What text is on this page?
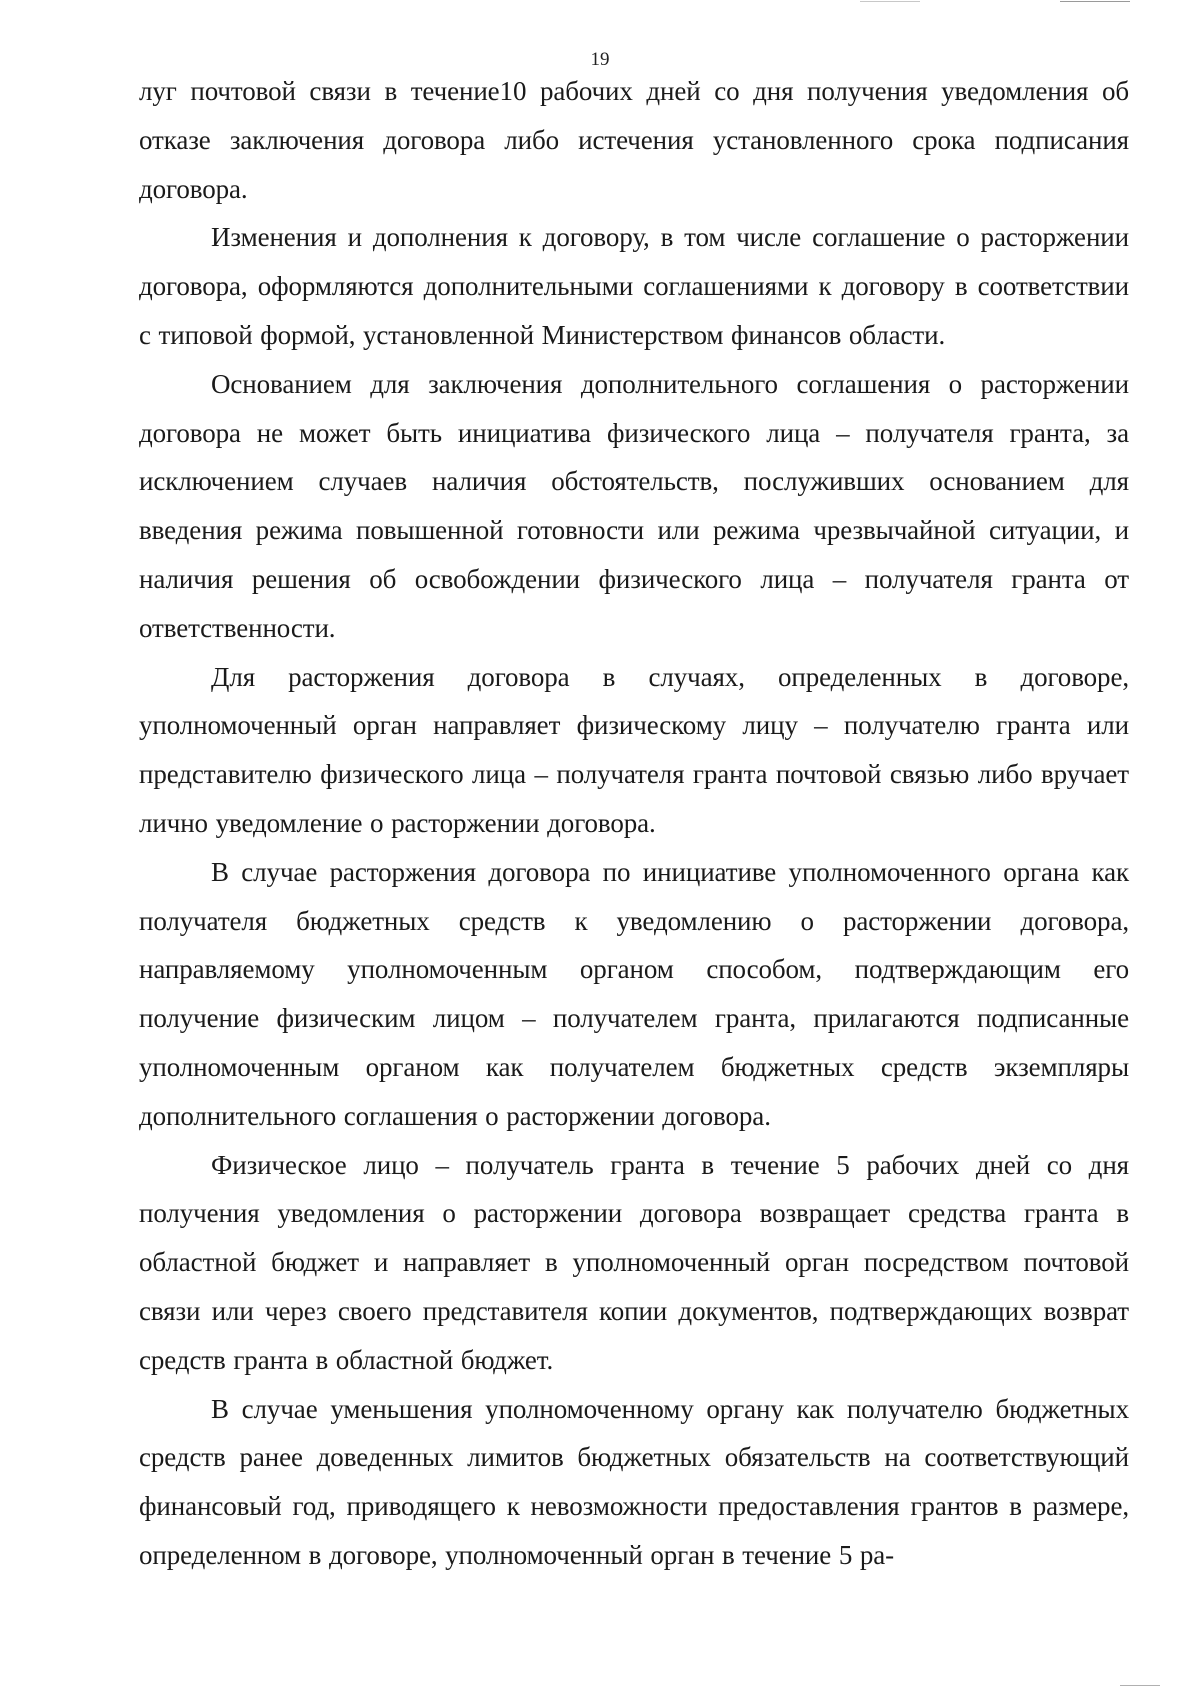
19

луг почтовой связи в течение10 рабочих дней со дня получения уведомления об отказе заключения договора либо истечения установленного срока подписания договора.

Изменения и дополнения к договору, в том числе соглашение о расторжении договора, оформляются дополнительными соглашениями к договору в соответствии с типовой формой, установленной Министерством финансов области.

Основанием для заключения дополнительного соглашения о расторжении договора не может быть инициатива физического лица – получателя гранта, за исключением случаев наличия обстоятельств, послуживших основанием для введения режима повышенной готовности или режима чрезвычайной ситуации, и наличия решения об освобождении физического лица – получателя гранта от ответственности.

Для расторжения договора в случаях, определенных в договоре, уполномоченный орган направляет физическому лицу – получателю гранта или представителю физического лица – получателя гранта почтовой связью либо вручает лично уведомление о расторжении договора.

В случае расторжения договора по инициативе уполномоченного органа как получателя бюджетных средств к уведомлению о расторжении договора, направляемому уполномоченным органом способом, подтверждающим его получение физическим лицом – получателем гранта, прилагаются подписанные уполномоченным органом как получателем бюджетных средств экземпляры дополнительного соглашения о расторжении договора.

Физическое лицо – получатель гранта в течение 5 рабочих дней со дня получения уведомления о расторжении договора возвращает средства гранта в областной бюджет и направляет в уполномоченный орган посредством почтовой связи или через своего представителя копии документов, подтверждающих возврат средств гранта в областной бюджет.

В случае уменьшения уполномоченному органу как получателю бюджетных средств ранее доведенных лимитов бюджетных обязательств на соответствующий финансовый год, приводящего к невозможности предоставления грантов в размере, определенном в договоре, уполномоченный орган в течение 5 ра-
